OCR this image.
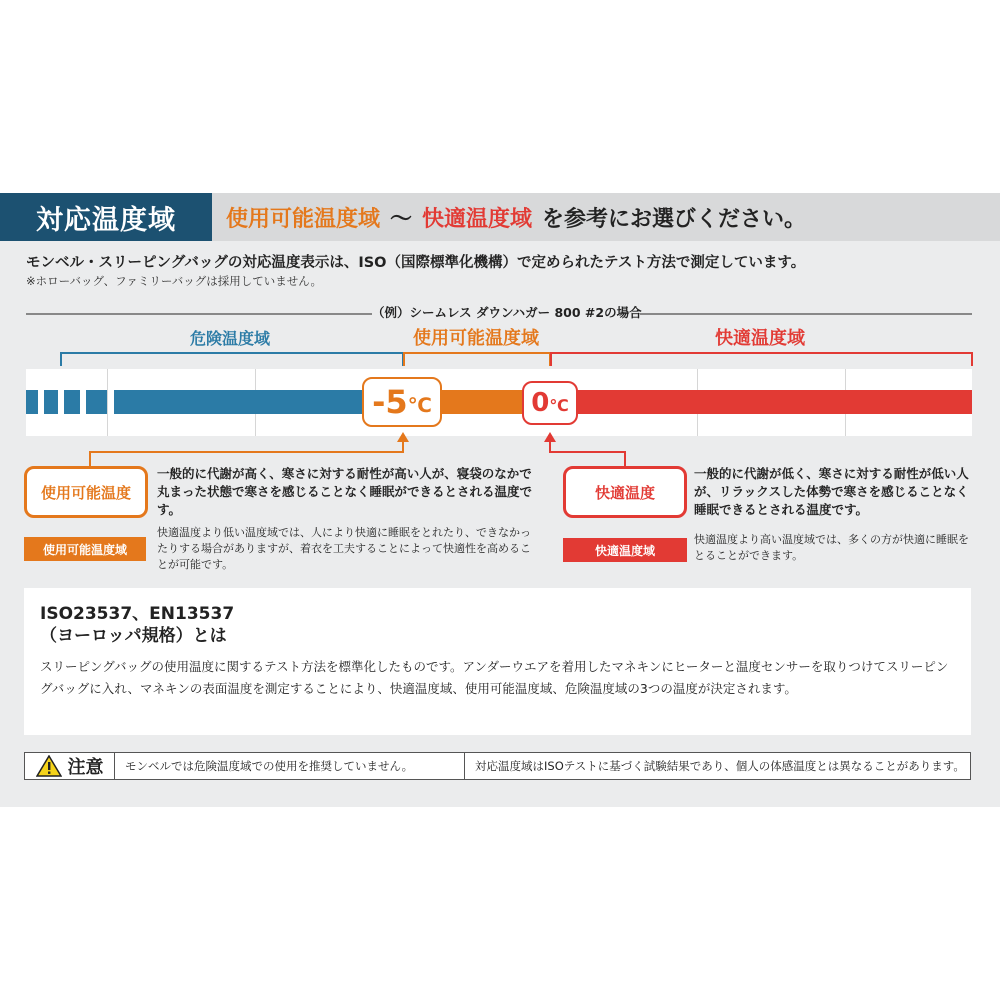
対応温度域	使用可能温度域 ～ 快適温度域 を参考にお選びください。
モンベル・スリーピングバッグの対応温度表示は、ISO（国際標準化機構）で定められたテスト方法で測定しています。
※ホローバッグ、ファミリーバッグは採用していません。
（例）シームレス ダウンハガー 800 #2の場合
危険温度域	使用可能温度域	快適温度域
-5 ℃	0 ℃
使用可能温度
一般的に代謝が高く、寒さに対する耐性が高い人が、寝袋のなかで丸まった状態で寒さを感じることなく睡眠ができるとされる温度です。
使用可能温度域
快適温度より低い温度域では、人により快適に睡眠をとれたり、できなかったりする場合がありますが、着衣を工夫することによって快適性を高めることが可能です。
快適温度
一般的に代謝が低く、寒さに対する耐性が低い人が、リラックスした体勢で寒さを感じることなく睡眠できるとされる温度です。
快適温度域
快適温度より高い温度域では、多くの方が快適に睡眠をとることができます。
ISO23537、EN13537
（ヨーロッパ規格）とは
スリーピングバッグの使用温度に関するテスト方法を標準化したものです。アンダーウエアを着用したマネキンにヒーターと温度センサーを取りつけてスリーピングバッグに入れ、マネキンの表面温度を測定することにより、快適温度域、使用可能温度域、危険温度域の3つの温度が決定されます。
注意	モンベルでは危険温度域での使用を推奨していません。	対応温度域はISOテストに基づく試験結果であり、個人の体感温度とは異なることがあります。
